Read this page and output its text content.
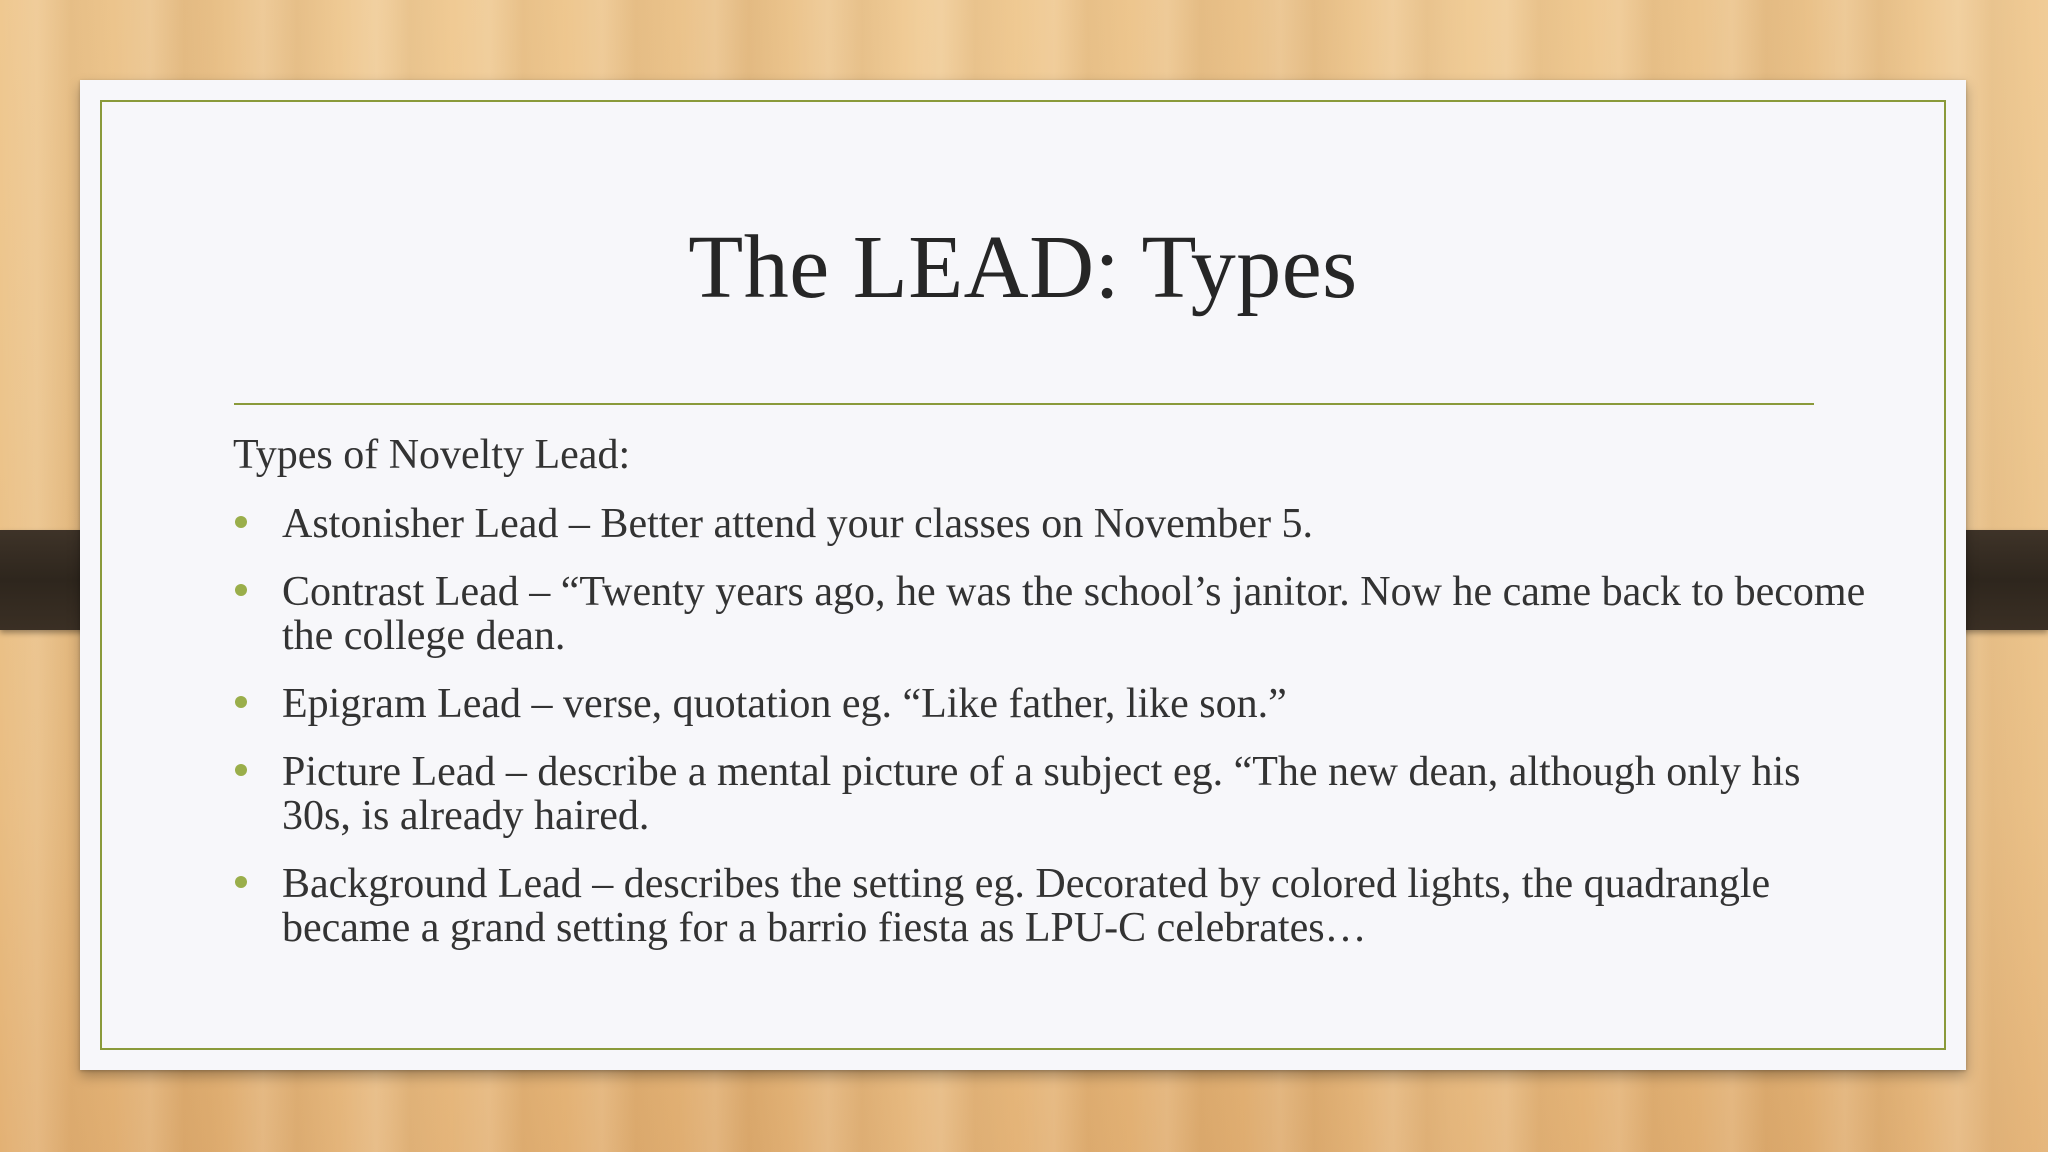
The LEAD: Types
Types of Novelty Lead:
Astonisher Lead – Better attend your classes on November 5.
Contrast Lead – “Twenty years ago, he was the school’s janitor. Now he came back to become the college dean.
Epigram Lead – verse, quotation eg. “Like father, like son.”
Picture Lead – describe a mental picture of a subject eg. “The new dean, although only his 30s, is already haired.
Background Lead – describes the setting eg. Decorated by colored lights, the quadrangle became a grand setting for a barrio fiesta as LPU-C celebrates…
